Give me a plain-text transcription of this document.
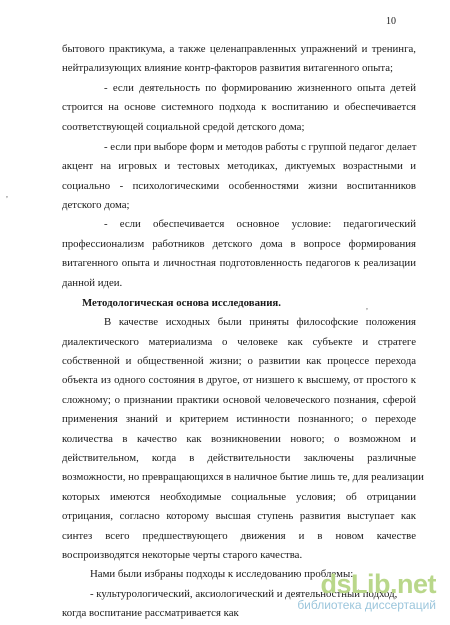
10
бытового практикума, а также целенаправленных упражнений и тренинга,
нейтрализующих влияние контр-факторов развития витагенного опыта;
- если деятельность по формированию жизненного опыта детей
строится на основе системного подхода к воспитанию и обеспечивается
соответствующей социальной средой детского дома;
- если при выборе форм и методов работы с группой педагог делает
акцент на игровых и тестовых методиках, диктуемых возрастными и
социально - психологическими особенностями жизни воспитанников
детского дома;
- если обеспечивается основное условие: педагогический
профессионализм работников детского дома в вопросе формирования
витагенного опыта и личностная подготовленность педагогов к реализации
данной идеи.
Методологическая основа исследования.
В качестве исходных были приняты философские положения
диалектического материализма о человеке как субъекте и стратеге
собственной и общественной жизни; о развитии как процессе перехода
объекта из одного состояния в другое, от низшего к высшему, от простого к
сложному; о признании практики основой человеческого познания, сферой
применения знаний и критерием истинности познанного; о переходе
количества в качество как возникновении нового; о возможном и
действительном, когда в действительности заключены различные
возможности, но превращающихся в наличное бытие лишь те, для реализации
которых имеются необходимые социальные условия; об отрицании
отрицания, согласно которому высшая ступень развития выступает как
синтез всего предшествующего движения и в новом качестве
воспроизводятся некоторые черты старого качества.
Нами были избраны подходы к исследованию проблемы:
- культурологический, аксиологический и деятельностный подход,
когда воспитание рассматривается как
,
,
dsLib.net
библиотека диссертаций
